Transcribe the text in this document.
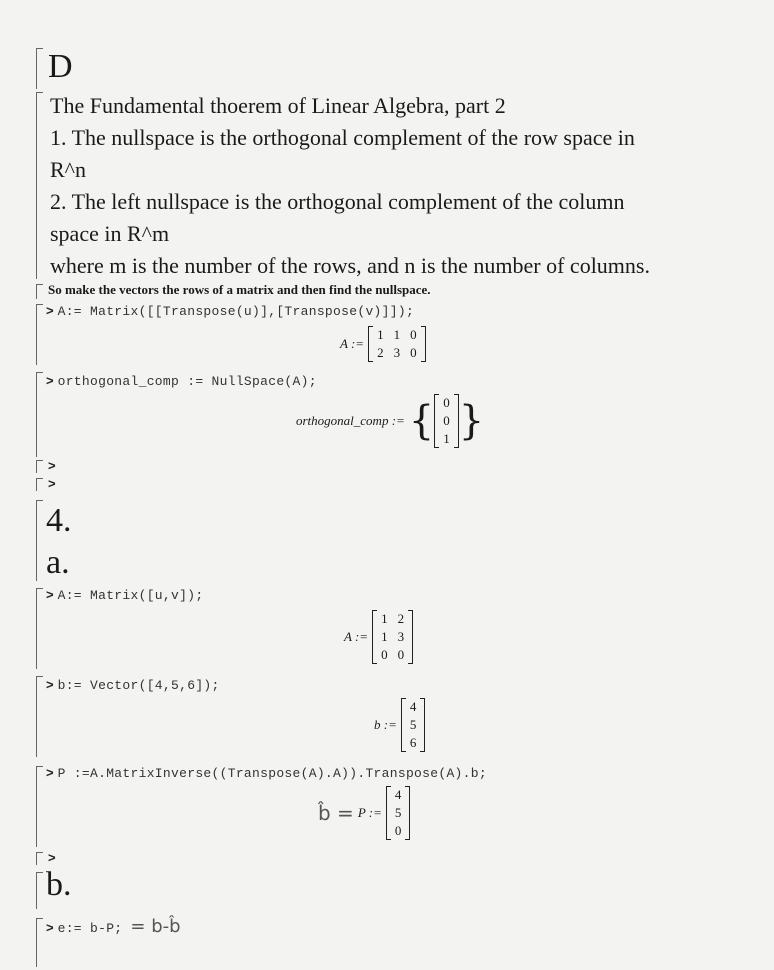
D
The Fundamental thoerem of Linear Algebra, part 2
1. The nullspace is the orthogonal complement of the row space in
R^n
2. The left nullspace is the orthogonal complement of the column
space in R^m
where m is the number of the rows, and n is the number of columns.
So make the vectors the rows of a matrix and then find the nullspace.
> A:= Matrix([[Transpose(u)],[Transpose(v)]]);
A :=
1	1	0
2	3	0
> orthogonal_comp := NullSpace(A);
orthogonal_comp := { 0
0
1 }
>
>
4.
a.
> A:= Matrix([u,v]);
A :=
1	2
1	3
0	0
> b:= Vector([4,5,6]);
b :=
4
5
6
> P :=A.MatrixInverse((Transpose(A).A)).Transpose(A).b;
b̂ = P :=
4
5
0
>
b.
> e:= b-P; = b-b̂
